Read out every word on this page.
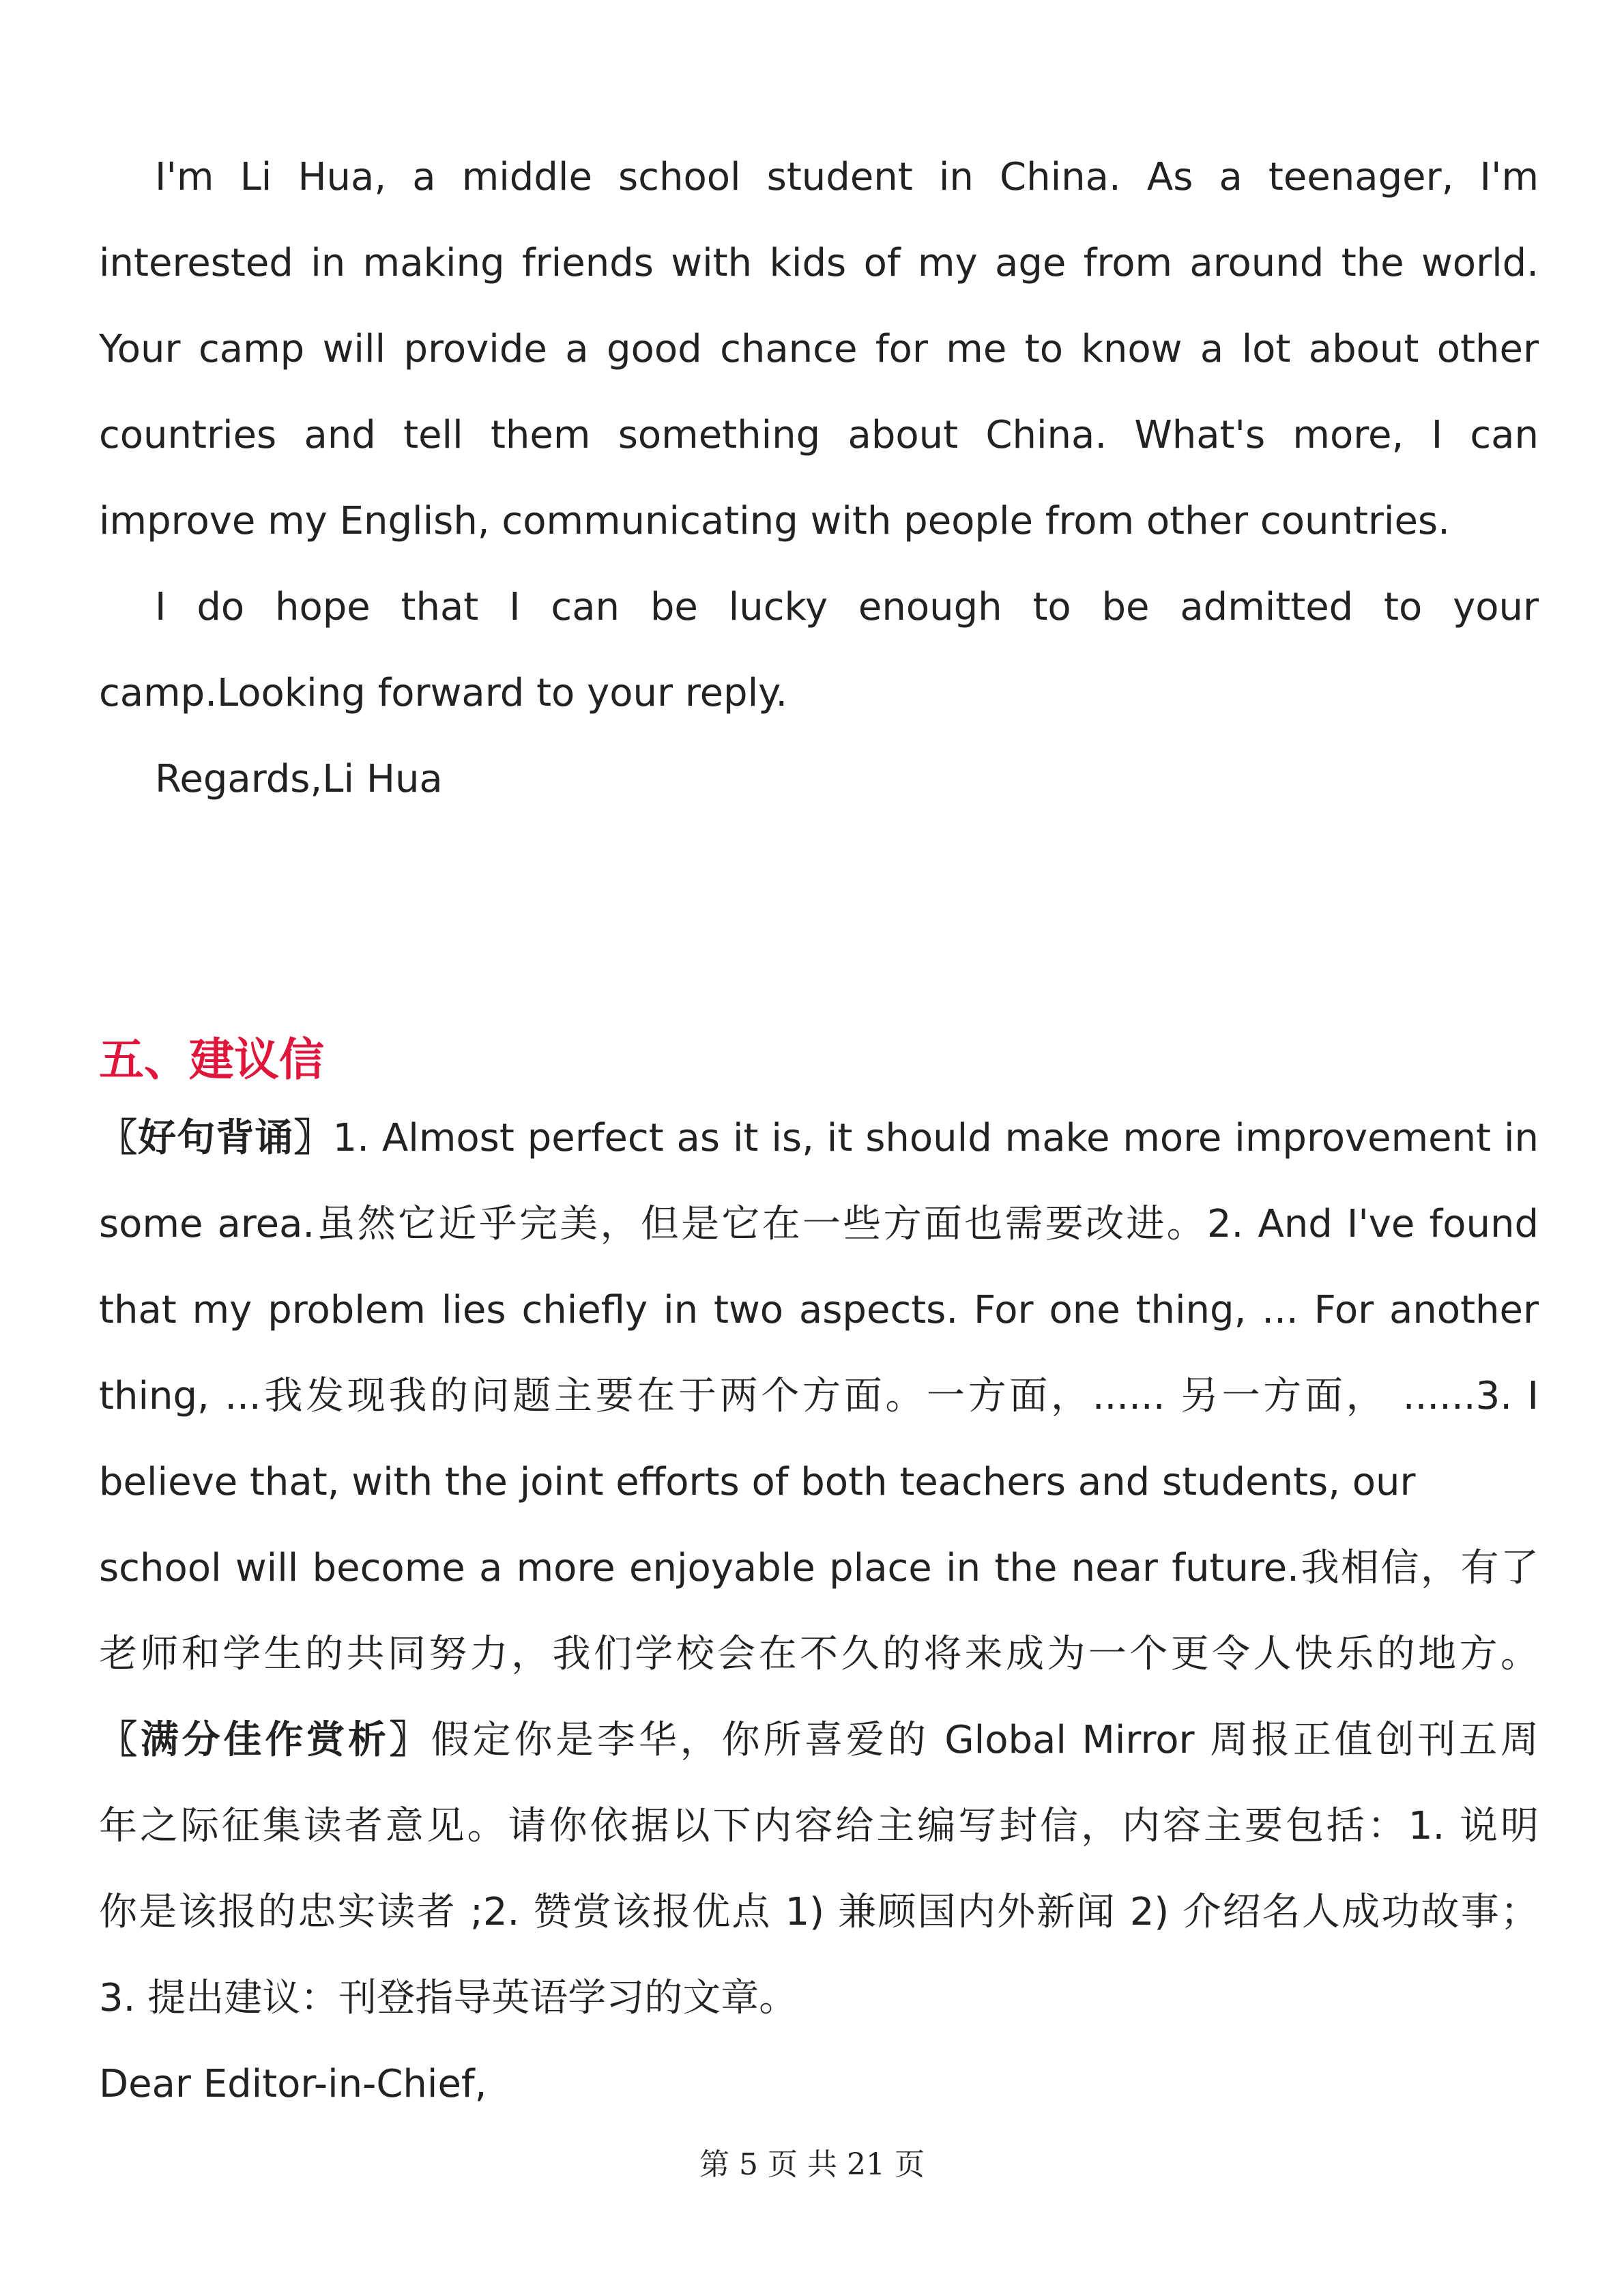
I'm Li Hua, a middle school student in China. As a teenager, I'm
interested in making friends with kids of my age from around the world.
Your camp will provide a good chance for me to know a lot about other
countries and tell them something about China. What's more, I can
improve my English, communicating with people from other countries.
I do hope that I can be lucky enough to be admitted to your
camp.Looking forward to your reply.
Regards,Li Hua
五、建议信
〖好句背诵〗1. Almost perfect as it is, it should make more improvement in
some area.虽然它近乎完美，但是它在一些方面也需要改进。2. And I've found
that my problem lies chiefly in two aspects. For one thing, ... For another
thing, ...我发现我的问题主要在于两个方面。一方面，...... 另一方面， ......3. I
believe that, with the joint efforts of both teachers and students, our
school will become a more enjoyable place in the near future.我相信，有了
老师和学生的共同努力，我们学校会在不久的将来成为一个更令人快乐的地方。
〖满分佳作赏析〗假定你是李华，你所喜爱的 Global Mirror 周报正值创刊五周
年之际征集读者意见。请你依据以下内容给主编写封信，内容主要包括：1. 说明
你是该报的忠实读者 ;2. 赞赏该报优点 1) 兼顾国内外新闻 2) 介绍名人成功故事；
3. 提出建议：刊登指导英语学习的文章。
Dear Editor-in-Chief,
第 5 页 共 21 页
